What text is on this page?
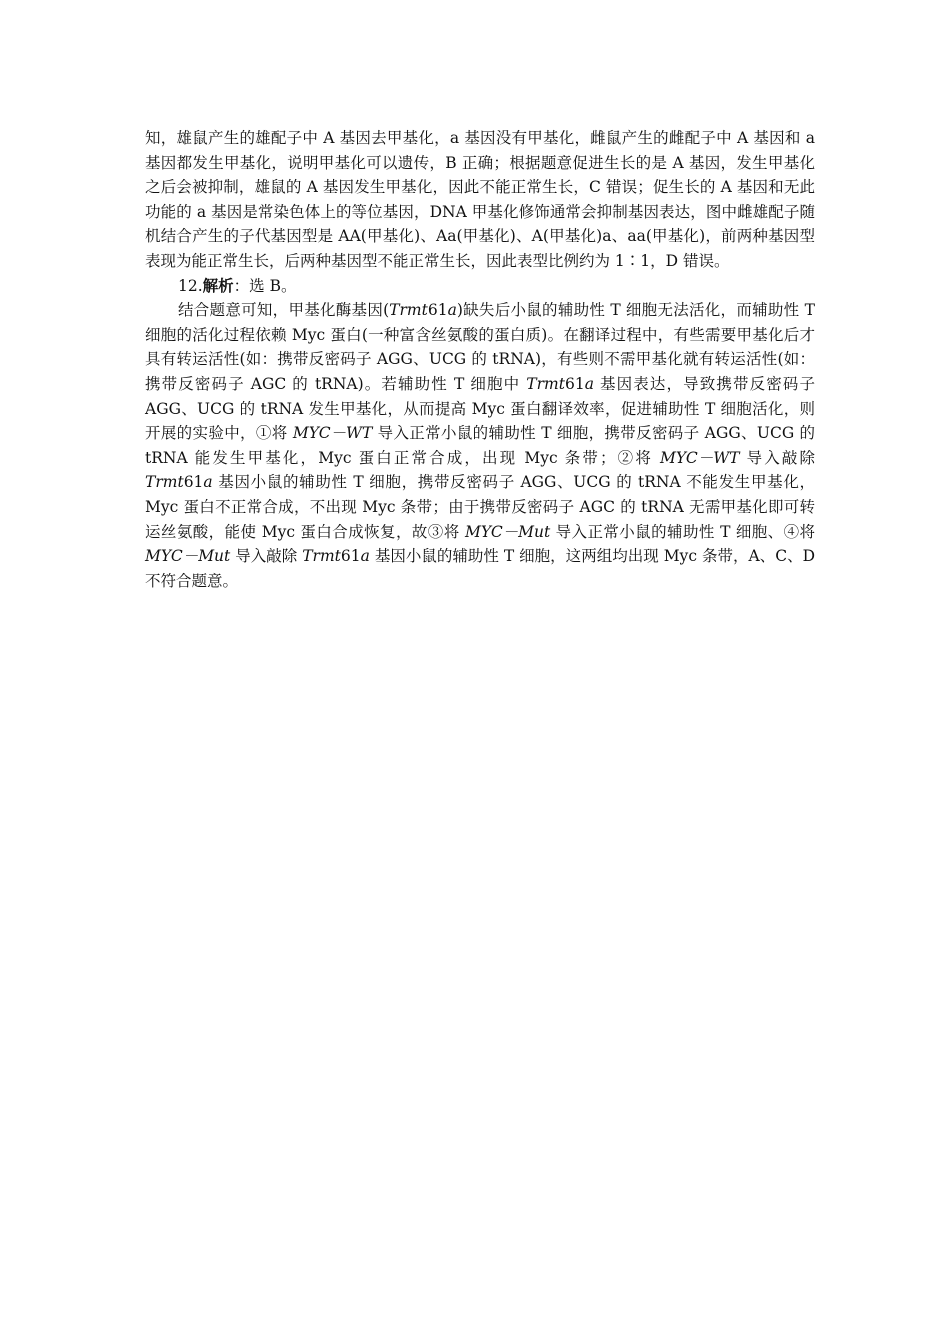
知，雄鼠产生的雄配子中 A 基因去甲基化，a 基因没有甲基化，雌鼠产生的雌配子中 A 基因和 a 基因都发生甲基化，说明甲基化可以遗传，B 正确；根据题意促进生长的是 A 基因，发生甲基化之后会被抑制，雄鼠的 A 基因发生甲基化，因此不能正常生长，C 错误；促生长的 A 基因和无此功能的 a 基因是常染色体上的等位基因，DNA 甲基化修饰通常会抑制基因表达，图中雌雄配子随机结合产生的子代基因型是 AA(甲基化)、Aa(甲基化)、A(甲基化)a、aa(甲基化)，前两种基因型表现为能正常生长，后两种基因型不能正常生长，因此表型比例约为 1∶1，D 错误。

12.解析：选 B。

结合题意可知，甲基化酶基因(Trmt61a)缺失后小鼠的辅助性 T 细胞无法活化，而辅助性 T 细胞的活化过程依赖 Myc 蛋白(一种富含丝氨酸的蛋白质)。在翻译过程中，有些需要甲基化后才具有转运活性(如：携带反密码子 AGG、UCG 的 tRNA)，有些则不需甲基化就有转运活性(如：携带反密码子 AGC 的 tRNA)。若辅助性 T 细胞中 Trmt61a 基因表达，导致携带反密码子 AGG、UCG 的 tRNA 发生甲基化，从而提高 Myc 蛋白翻译效率，促进辅助性 T 细胞活化，则开展的实验中，①将 MYC－WT 导入正常小鼠的辅助性 T 细胞，携带反密码子 AGG、UCG 的 tRNA 能发生甲基化，Myc 蛋白正常合成，出现 Myc 条带；②将 MYC－WT 导入敲除 Trmt61a 基因小鼠的辅助性 T 细胞，携带反密码子 AGG、UCG 的 tRNA 不能发生甲基化，Myc 蛋白不正常合成，不出现 Myc 条带；由于携带反密码子 AGC 的 tRNA 无需甲基化即可转运丝氨酸，能使 Myc 蛋白合成恢复，故③将 MYC－Mut 导入正常小鼠的辅助性 T 细胞、④将 MYC－Mut 导入敲除 Trmt61a 基因小鼠的辅助性 T 细胞，这两组均出现 Myc 条带，A、C、D 不符合题意。
